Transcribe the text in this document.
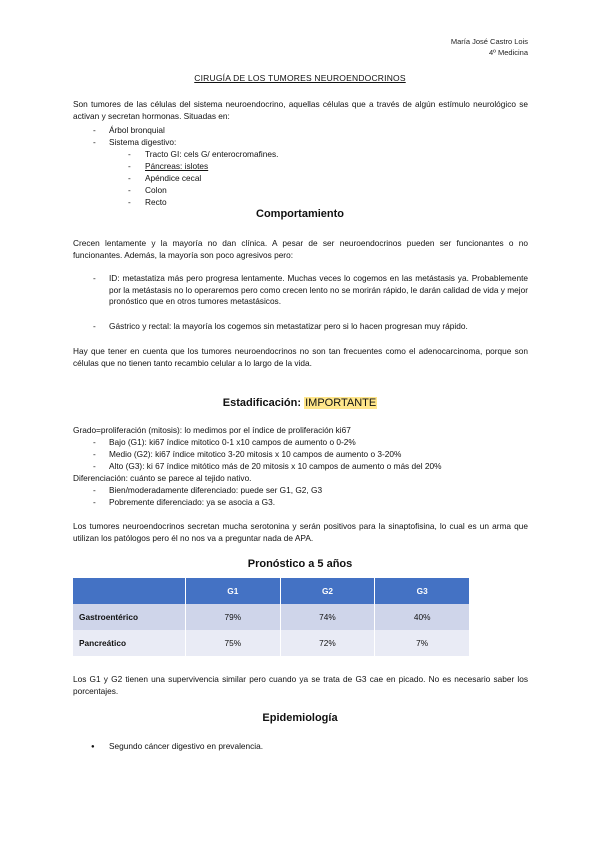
María José Castro Lois
4º Medicina
CIRUGÍA DE LOS TUMORES NEUROENDOCRINOS
Son tumores de las células del sistema neuroendocrino, aquellas células que a través de algún estímulo neurológico se activan y secretan hormonas. Situadas en:
- Árbol bronquial
- Sistema digestivo:
- Tracto GI: cels G/ enterocromafines.
- Páncreas: islotes
- Apéndice cecal
- Colon
- Recto
Comportamiento
Crecen lentamente y la mayoría no dan clínica. A pesar de ser neuroendocrinos pueden ser funcionantes o no funcionantes. Además, la mayoría son poco agresivos pero:
- ID: metastatiza más pero progresa lentamente. Muchas veces lo cogemos en las metástasis ya. Probablemente por la metástasis no lo operaremos pero como crecen lento no se morirán rápido, le darán calidad de vida y mejor pronóstico que en otros tumores metastásicos.
- Gástrico y rectal: la mayoría los cogemos sin metastatizar pero si lo hacen progresan muy rápido.
Hay que tener en cuenta que los tumores neuroendocrinos no son tan frecuentes como el adenocarcinoma, porque son células que no tienen tanto recambio celular a lo largo de la vida.
Estadificación: IMPORTANTE
Grado=proliferación (mitosis): lo medimos por el índice de proliferación ki67
- Bajo (G1): ki67 índice mitotico 0-1 x10 campos de aumento o 0-2%
- Medio (G2): ki67 índice mitotico 3-20 mitosis x 10 campos de aumento o 3-20%
- Alto (G3): ki 67 índice mitótico más de 20 mitosis x 10 campos de aumento o más del 20%
Diferenciación: cuánto se parece al tejido nativo.
- Bien/moderadamente diferenciado: puede ser G1, G2, G3
- Pobremente diferenciado: ya se asocia a G3.
Los tumores neuroendocrinos secretan mucha serotonina y serán positivos para la sinaptofisina, lo cual es un arma que utilizan los patólogos pero él no nos va a preguntar nada de APA.
Pronóstico a 5 años
	G1	G2	G3
Gastroentérico	79%	74%	40%
Pancreático	75%	72%	7%
Los G1 y G2 tienen una supervivencia similar pero cuando ya se trata de G3 cae en picado. No es necesario saber los porcentajes.
Epidemiología
● Segundo cáncer digestivo en prevalencia.
